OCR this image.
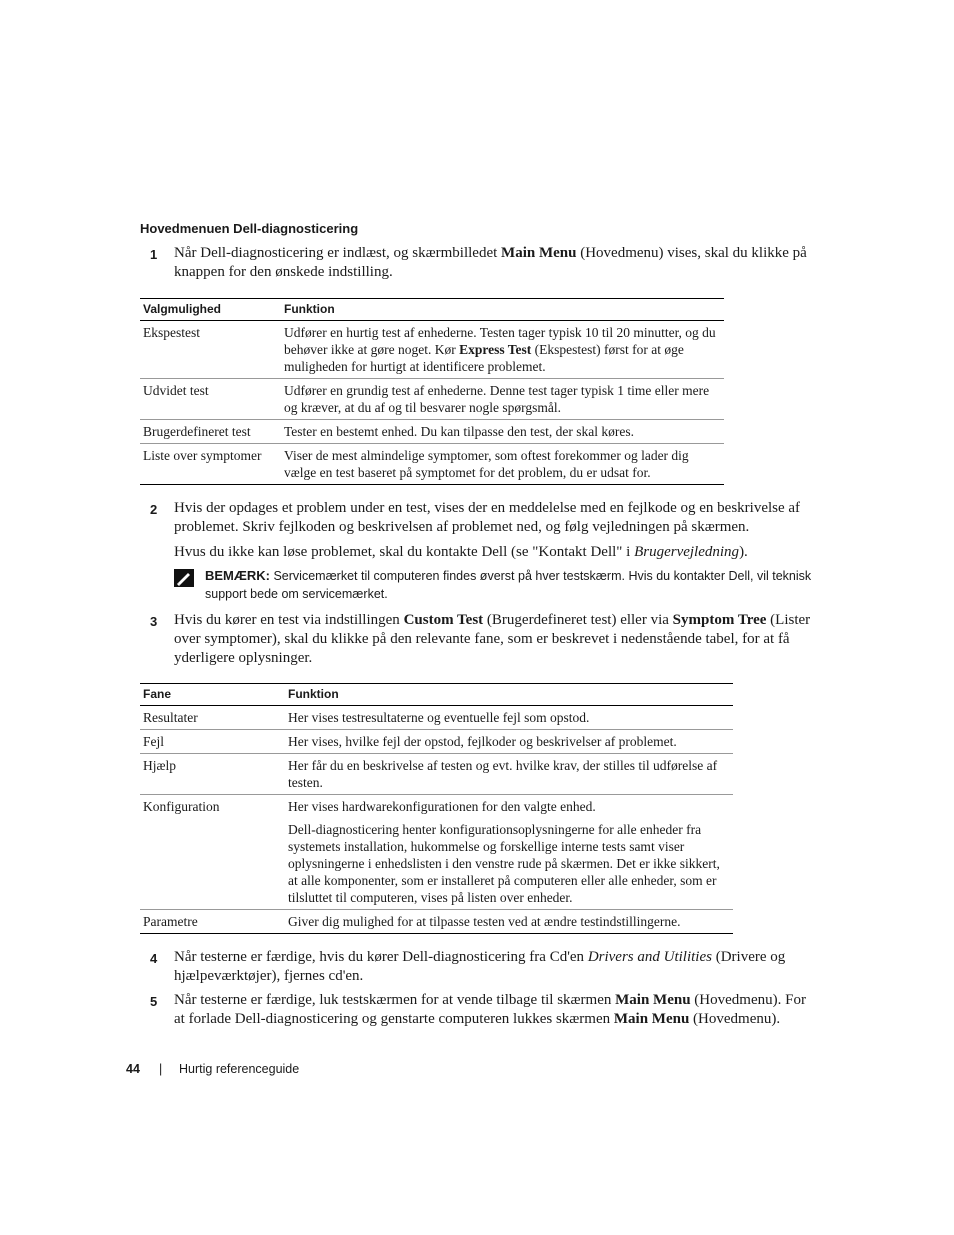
Hovedmenuen Dell-diagnosticering
1 Når Dell-diagnosticering er indlæst, og skærmbilledet Main Menu (Hovedmenu) vises, skal du klikke på knappen for den ønskede indstilling.
Valgmulighed	Funktion
Ekspestest	Udfører en hurtig test af enhederne. Testen tager typisk 10 til 20 minutter, og du behøver ikke at gøre noget. Kør Express Test (Ekspestest) først for at øge muligheden for hurtigt at identificere problemet.
Udvidet test	Udfører en grundig test af enhederne. Denne test tager typisk 1 time eller mere og kræver, at du af og til besvarer nogle spørgsmål.
Brugerdefineret test	Tester en bestemt enhed. Du kan tilpasse den test, der skal køres.
Liste over symptomer	Viser de mest almindelige symptomer, som oftest forekommer og lader dig vælge en test baseret på symptomet for det problem, du er udsat for.
2 Hvis der opdages et problem under en test, vises der en meddelelse med en fejlkode og en beskrivelse af problemet. Skriv fejlkoden og beskrivelsen af problemet ned, og følg vejledningen på skærmen.
Hvus du ikke kan løse problemet, skal du kontakte Dell (se "Kontakt Dell" i Brugervejledning).
BEMÆRK: Servicemærket til computeren findes øverst på hver testskærm. Hvis du kontakter Dell, vil teknisk support bede om servicemærket.
3 Hvis du kører en test via indstillingen Custom Test (Brugerdefineret test) eller via Symptom Tree (Lister over symptomer), skal du klikke på den relevante fane, som er beskrevet i nedenstående tabel, for at få yderligere oplysninger.
Fane	Funktion
Resultater	Her vises testresultaterne og eventuelle fejl som opstod.
Fejl	Her vises, hvilke fejl der opstod, fejlkoder og beskrivelser af problemet.
Hjælp	Her får du en beskrivelse af testen og evt. hvilke krav, der stilles til udførelse af testen.
Konfiguration	Her vises hardwarekonfigurationen for den valgte enhed.

Dell-diagnosticering henter konfigurationsoplysningerne for alle enheder fra systemets installation, hukommelse og forskellige interne tests samt viser oplysningerne i enhedslisten i den venstre rude på skærmen. Det er ikke sikkert, at alle komponenter, som er installeret på computeren eller alle enheder, som er tilsluttet til computeren, vises på listen over enheder.

Parametre	Giver dig mulighed for at tilpasse testen ved at ændre testindstillingerne.
4 Når testerne er færdige, hvis du kører Dell-diagnosticering fra Cd'en Drivers and Utilities (Drivere og hjælpeværktøjer), fjernes cd'en.
5 Når testerne er færdige, luk testskærmen for at vende tilbage til skærmen Main Menu (Hovedmenu). For at forlade Dell-diagnosticering og genstarte computeren lukkes skærmen Main Menu (Hovedmenu).
44 | Hurtig referenceguide
